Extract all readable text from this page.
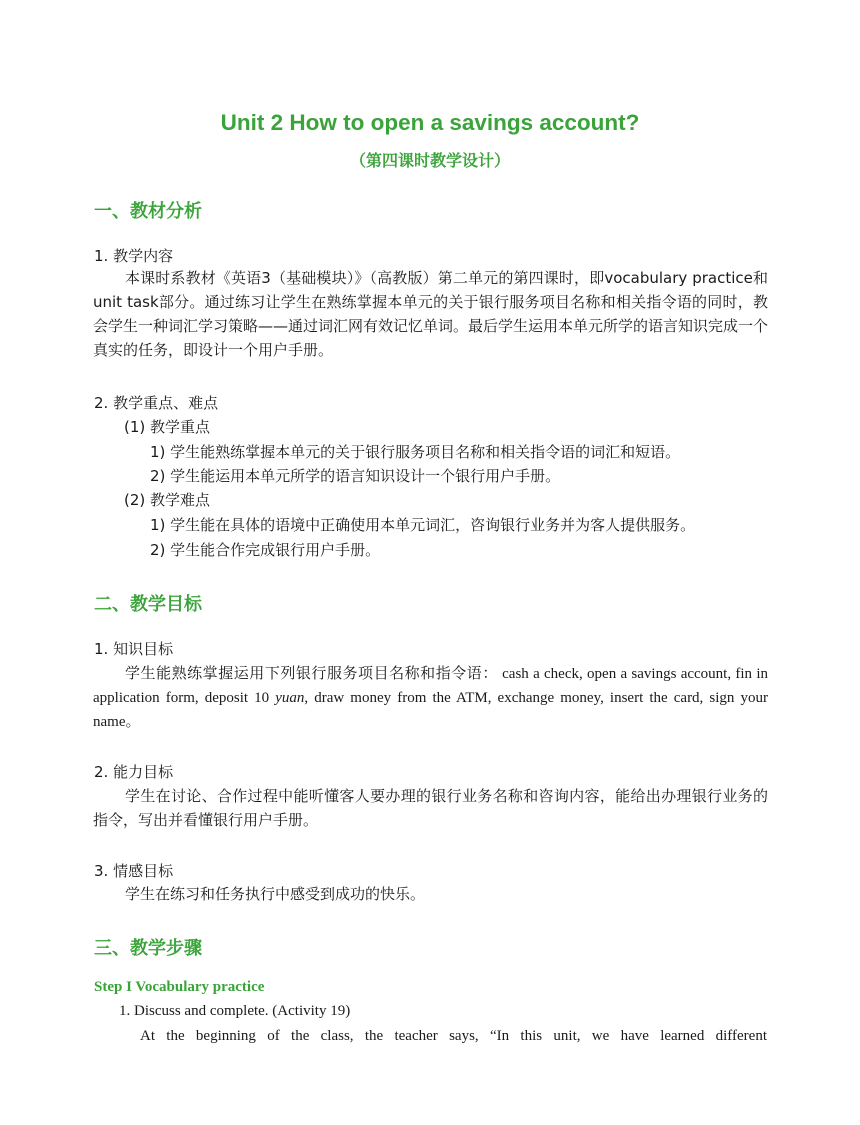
Unit 2 How to open a savings account?
（第四课时教学设计）
一、教材分析
1. 教学内容

本课时系教材《英语3（基础模块）》（高教版）第二单元的第四课时，即vocabulary practice和 unit task部分。通过练习让学生在熟练掌握本单元的关于银行服务项目名称和相关指令语的同时，教会学生一种词汇学习策略——通过词汇网有效记忆单词。最后学生运用本单元所学的语言知识完成一个真实的任务，即设计一个用户手册。

2. 教学重点、难点
(1) 教学重点
1) 学生能熟练掌握本单元的关于银行服务项目名称和相关指令语的词汇和短语。
2) 学生能运用本单元所学的语言知识设计一个银行用户手册。
(2) 教学难点
1) 学生能在具体的语境中正确使用本单元词汇，咨询银行业务并为客人提供服务。
2) 学生能合作完成银行用户手册。
二、教学目标
1. 知识目标

学生能熟练掌握运用下列银行服务项目名称和指令语： cash a check, open a savings account, fin in application form, deposit 10 yuan, draw money from the ATM, exchange money, insert the card, sign your name。

2. 能力目标

学生在讨论、合作过程中能听懂客人要办理的银行业务名称和咨询内容，能给出办理银行业务的指令，写出并看懂银行用户手册。

3. 情感目标

学生在练习和任务执行中感受到成功的快乐。

三、教学步骤
Step I Vocabulary practice
1. Discuss and complete. (Activity 19)
At the beginning of the class, the teacher says, “In this unit, we have learned different
